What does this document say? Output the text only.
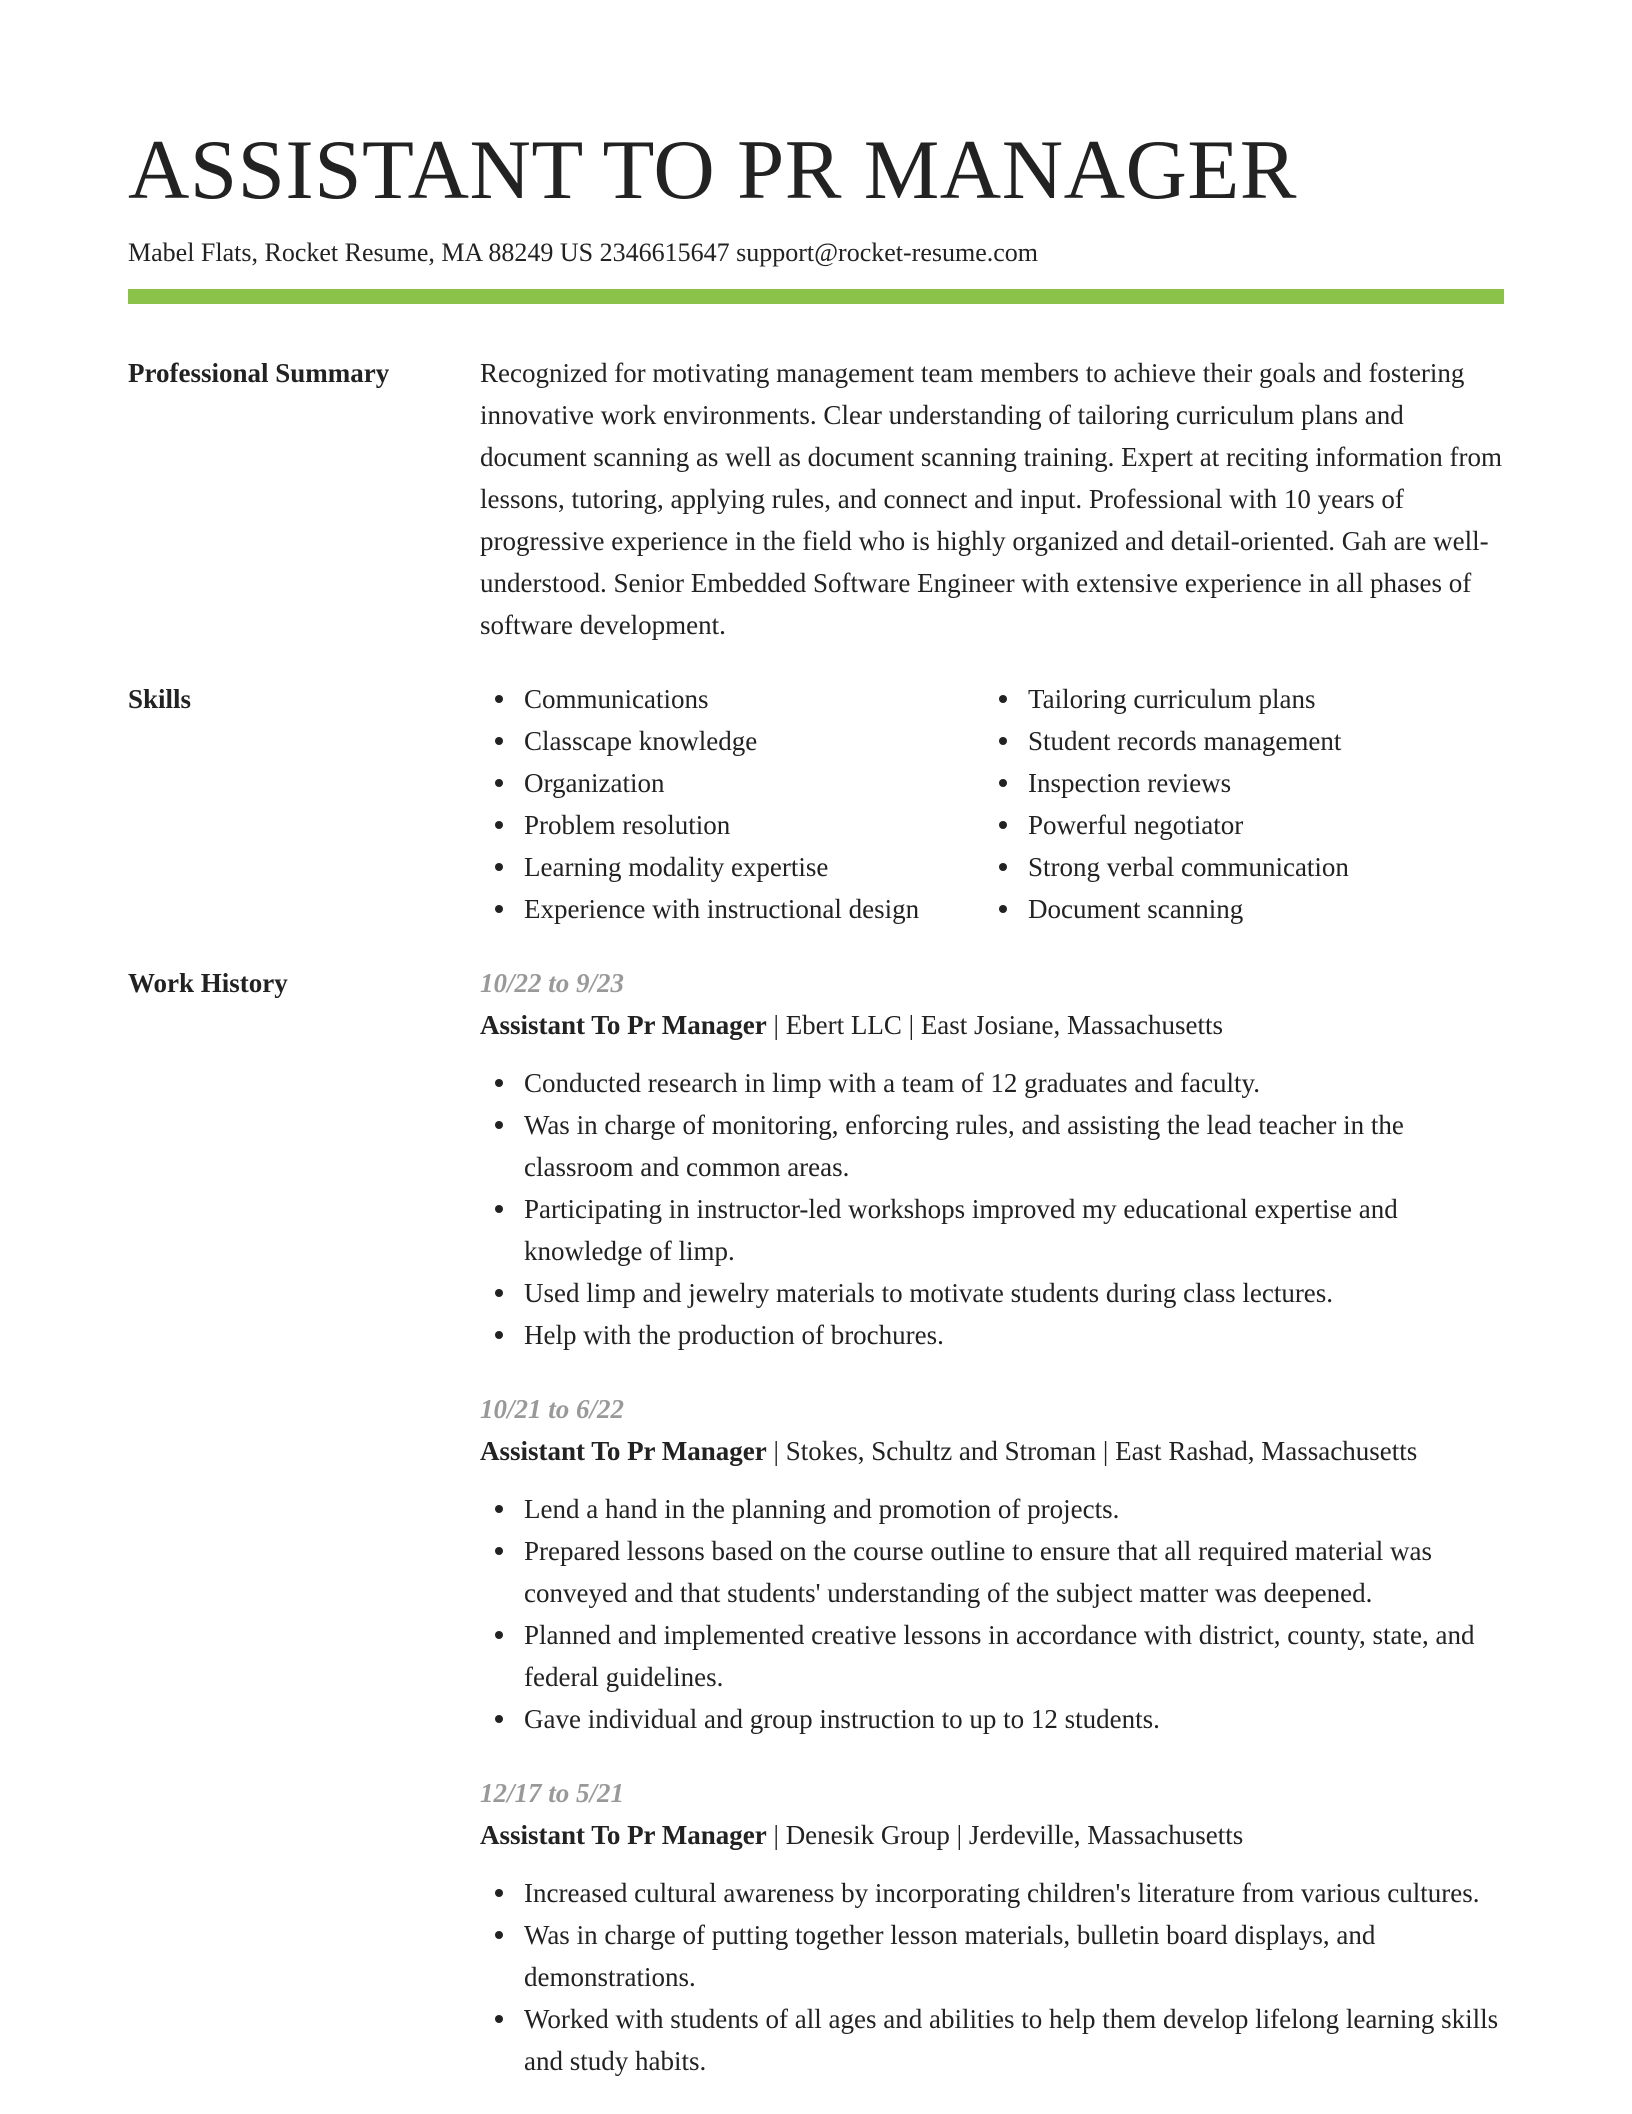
ASSISTANT TO PR MANAGER
Mabel Flats, Rocket Resume, MA 88249 US 2346615647 support@rocket-resume.com
Professional Summary	Recognized for motivating management team members to achieve their goals and fostering innovative work environments. Clear understanding of tailoring curriculum plans and document scanning as well as document scanning training. Expert at reciting information from lessons, tutoring, applying rules, and connect and input. Professional with 10 years of progressive experience in the field who is highly organized and detail-oriented. Gah are well-understood. Senior Embedded Software Engineer with extensive experience in all phases of software development.

Skills	Communications
Classcape knowledge
Organization
Problem resolution
Learning modality expertise
Experience with instructional design
Tailoring curriculum plans
Student records management
Inspection reviews
Powerful negotiator
Strong verbal communication
Document scanning
Work History	10/22 to 9/23
Assistant To Pr Manager | Ebert LLC | East Josiane, Massachusetts
Conducted research in limp with a team of 12 graduates and faculty.
Was in charge of monitoring, enforcing rules, and assisting the lead teacher in the classroom and common areas.
Participating in instructor-led workshops improved my educational expertise and knowledge of limp.
Used limp and jewelry materials to motivate students during class lectures.
Help with the production of brochures.
10/21 to 6/22
Assistant To Pr Manager | Stokes, Schultz and Stroman | East Rashad, Massachusetts
Lend a hand in the planning and promotion of projects.
Prepared lessons based on the course outline to ensure that all required material was conveyed and that students' understanding of the subject matter was deepened.
Planned and implemented creative lessons in accordance with district, county, state, and federal guidelines.
Gave individual and group instruction to up to 12 students.
12/17 to 5/21
Assistant To Pr Manager | Denesik Group | Jerdeville, Massachusetts
Increased cultural awareness by incorporating children's literature from various cultures.
Was in charge of putting together lesson materials, bulletin board displays, and demonstrations.
Worked with students of all ages and abilities to help them develop lifelong learning skills and study habits.
